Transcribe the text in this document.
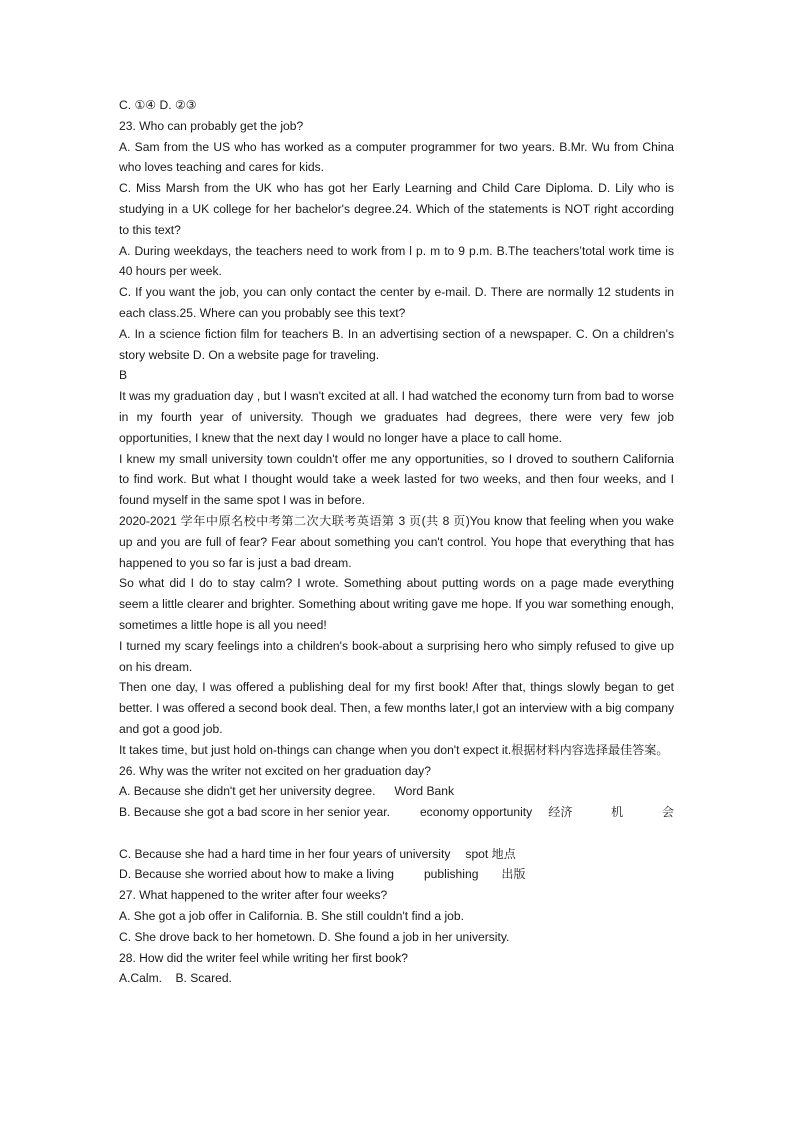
C. ①④ D. ②③

23. Who can probably get the job?

A. Sam from the US who has worked as a computer programmer for two years. B.Mr. Wu from China who loves teaching and cares for kids.

C. Miss Marsh from the UK who has got her Early Learning and Child Care Diploma. D. Lily who is studying in a UK college for her bachelor's degree.24. Which of the statements is NOT right according to this text?

A. During weekdays, the teachers need to work from l p. m to 9 p.m. B.The teachers’total work time is 40 hours per week.

C. If you want the job, you can only contact the center by e-mail. D. There are normally 12 students in each class.25. Where can you probably see this text?

A. In a science fiction film for teachers B. In an advertising section of a newspaper. C. On a children's story website D. On a website page for traveling.

B

It was my graduation day , but I wasn't excited at all. I had watched the economy turn from bad to worse in my fourth year of university. Though we graduates had degrees, there were very few job opportunities, I knew that the next day I would no longer have a place to call home.

I knew my small university town couldn't offer me any opportunities, so I droved to southern California to find work. But what I thought would take a week lasted for two weeks, and then four weeks, and I found myself in the same spot I was in before.

2020-2021 学年中原名校中考第二次大联考英语第 3 页(共 8 页)You know that feeling when you wake up and you are full of fear? Fear about something you can't control. You hope that everything that has happened to you so far is just a bad dream.

So what did I do to stay calm? I wrote. Something about putting words on a page made everything seem a little clearer and brighter. Something about writing gave me hope. If you war something enough, sometimes a little hope is all you need!

I turned my scary feelings into a children's book-about a surprising hero who simply refused to give up on his dream.

Then one day, I was offered a publishing deal for my first book! After that, things slowly began to get better. I was offered a second book deal. Then, a few months later,I got an interview with a big company and got a good job.

It takes time, but just hold on-things can change when you don't expect it.根据材料内容选择最佳答案。

26. Why was the writer not excited on her graduation day?

A. Because she didn't get her university degree. Word Bank
B. Because she got a bad score in her senior year. economy opportunity 经济	机	会
C. Because she had a hard time in her four years of university spot 地点
D. Because she worried about how to make a living publishing 出版

27. What happened to the writer after four weeks?

A. She got a job offer in California. B. She still couldn't find a job.

C. She drove back to her hometown. D. She found a job in her university.

28. How did the writer feel while writing her first book?

A.Calm.    B. Scared.
